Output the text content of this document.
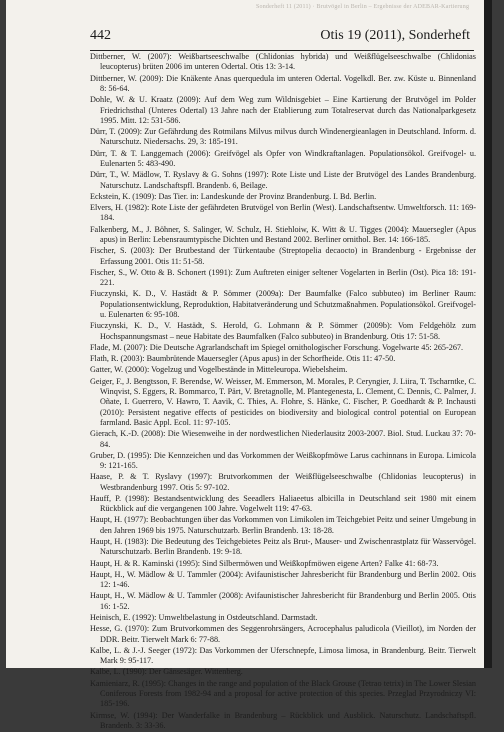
Sonderheft 11 (2011) · Brutvögel in Berlin – Ergebnisse der ADEBAR-Kartierung
442	Otis 19 (2011), Sonderheft

Dittberner, W. (2007): Weißbartseeschwalbe (Chlidonias hybrida) und Weißflügelseeschwalbe (Chlidonias leucopterus) brüten 2006 im unteren Odertal. Otis 13: 3-14.

Dittberner, W. (2009): Die Knäkente Anas querquedula im unteren Odertal. Vogelkdl. Ber. zw. Küste u. Binnenland 8: 56-64.

Dohle, W. & U. Kraatz (2009): Auf dem Weg zum Wildnisgebiet – Eine Kartierung der Brutvögel im Polder Friedrichsthal (Unteres Odertal) 13 Jahre nach der Etablierung zum Totalreservat durch das Nationalparkgesetz 1995. Mitt. 12: 531-586.

Dürr, T. (2009): Zur Gefährdung des Rotmilans Milvus milvus durch Windenergieanlagen in Deutschland. Inform. d. Naturschutz. Niedersachs. 29, 3: 185-191.

Dürr, T. & T. Langgemach (2006): Greifvögel als Opfer von Windkraftanlagen. Populationsökol. Greifvogel- u. Eulenarten 5: 483-490.

Dürr, T., W. Mädlow, T. Ryslavy & G. Sohns (1997): Rote Liste und Liste der Brutvögel des Landes Brandenburg. Naturschutz. Landschaftspfl. Brandenb. 6, Beilage.

Eckstein, K. (1909): Das Tier. in: Landeskunde der Provinz Brandenburg. I. Bd. Berlin.

Elvers, H. (1982): Rote Liste der gefährdeten Brutvögel von Berlin (West). Landschaftsentw. Umweltforsch. 11: 169-184.

Falkenberg, M., J. Böhner, S. Salinger, W. Schulz, H. Stiehloiw, K. Witt & U. Tigges (2004): Mauersegler (Apus apus) in Berlin: Lebensraumtypische Dichten und Bestand 2002. Berliner ornithol. Ber. 14: 166-185.

Fischer, S. (2003): Der Brutbestand der Türkentaube (Streptopelia decaocto) in Brandenburg - Ergebnisse der Erfassung 2001. Otis 11: 51-58.

Fischer, S., W. Otto & B. Schonert (1991): Zum Auftreten einiger seltener Vogelarten in Berlin (Ost). Pica 18: 191-221.

Fiuczynski, K. D., V. Hastädt & P. Sömmer (2009a): Der Baumfalke (Falco subbuteo) im Berliner Raum: Populationsentwicklung, Reproduktion, Habitatveränderung und Schutzmaßnahmen. Populationsökol. Greifvogel- u. Eulenarten 6: 95-108.

Fiuczynski, K. D., V. Hastädt, S. Herold, G. Lohmann & P. Sömmer (2009b): Vom Feldgehölz zum Hochspannungsmast – neue Habitate des Baumfalken (Falco subbuteo) in Brandenburg. Otis 17: 51-58.

Flade, M. (2007): Die Deutsche Agrarlandschaft im Spiegel ornithologischer Forschung. Vogelwarte 45: 265-267.

Flath, R. (2003): Baumbrütende Mauersegler (Apus apus) in der Schorfheide. Otis 11: 47-50.

Gatter, W. (2000): Vogelzug und Vogelbestände in Mitteleuropa. Wiebelsheim.

Geiger, F., J. Bengtsson, F. Berendse, W. Weisser, M. Emmerson, M. Morales, P. Ceryngier, J. Liira, T. Tscharntke, C. Winqvist, S. Eggers, R. Bommarco, T. Pärt, V. Bretagnolle, M. Plantegenesta, L. Clement, C. Dennis, C. Palmer, J. Oñate, I. Guerrero, V. Hawro, T. Aavik, C. Thies, A. Flohre, S. Hänke, C. Fischer, P. Goedhardt & P. Inchausti (2010): Persistent negative effects of pesticides on biodiversity and biological control potential on European farmland. Basic Appl. Ecol. 11: 97-105.

Gierach, K.-D. (2008): Die Wiesenweihe in der nordwestlichen Niederlausitz 2003-2007. Biol. Stud. Luckau 37: 70-84.

Gruber, D. (1995): Die Kennzeichen und das Vorkommen der Weißkopfmöwe Larus cachinnans in Europa. Limicola 9: 121-165.

Haase, P. & T. Ryslavy (1997): Brutvorkommen der Weißflügelseeschwalbe (Chlidonias leucopterus) in Westbrandenburg 1997. Otis 5: 97-102.

Hauff, P. (1998): Bestandsentwicklung des Seeadlers Haliaeetus albicilla in Deutschland seit 1980 mit einem Rückblick auf die vergangenen 100 Jahre. Vogelwelt 119: 47-63.

Haupt, H. (1977): Beobachtungen über das Vorkommen von Limikolen im Teichgebiet Peitz und seiner Umgebung in den Jahren 1969 bis 1975. Naturschutzarb. Berlin Brandenb. 13: 18-28.

Haupt, H. (1983): Die Bedeutung des Teichgebietes Peitz als Brut-, Mauser- und Zwischenrastplatz für Wasservögel. Naturschutzarb. Berlin Brandenb. 19: 9-18.

Haupt, H. & R. Kaminski (1995): Sind Silbermöwen und Weißkopfmöwen eigene Arten? Falke 41: 68-73.

Haupt, H., W. Mädlow & U. Tammler (2004): Avifaunistischer Jahresbericht für Brandenburg und Berlin 2002. Otis 12: 1-46.

Haupt, H., W. Mädlow & U. Tammler (2008): Avifaunistischer Jahresbericht für Brandenburg und Berlin 2005. Otis 16: 1-52.

Heinisch, E. (1992): Umweltbelastung in Ostdeutschland. Darmstadt.

Hesse, G. (1970): Zum Brutvorkommen des Seggenrohrsängers, Acrocephalus paludicola (Vieillot), im Norden der DDR. Beitr. Tierwelt Mark 6: 77-88.

Kalbe, L. & J.-J. Seeger (1972): Das Vorkommen der Uferschnepfe, Limosa limosa, in Brandenburg. Beitr. Tierwelt Mark 9: 95-117.

Kalbe, L. (1990): Der Gänsesäger. Wittenberg.

Kamieniarz, R. (1995): Changes in the range and population of the Black Grouse (Tetrao tetrix) in The Lower Slesian Coniferous Forests from 1982-94 and a proposal for active protection of this species. Przeglad Przyrodniczy VI: 185-196.

Kirmse, W. (1994): Der Wanderfalke in Brandenburg – Rückblick und Ausblick. Naturschutz. Landschaftspfl. Brandenb. 3: 33-36.
